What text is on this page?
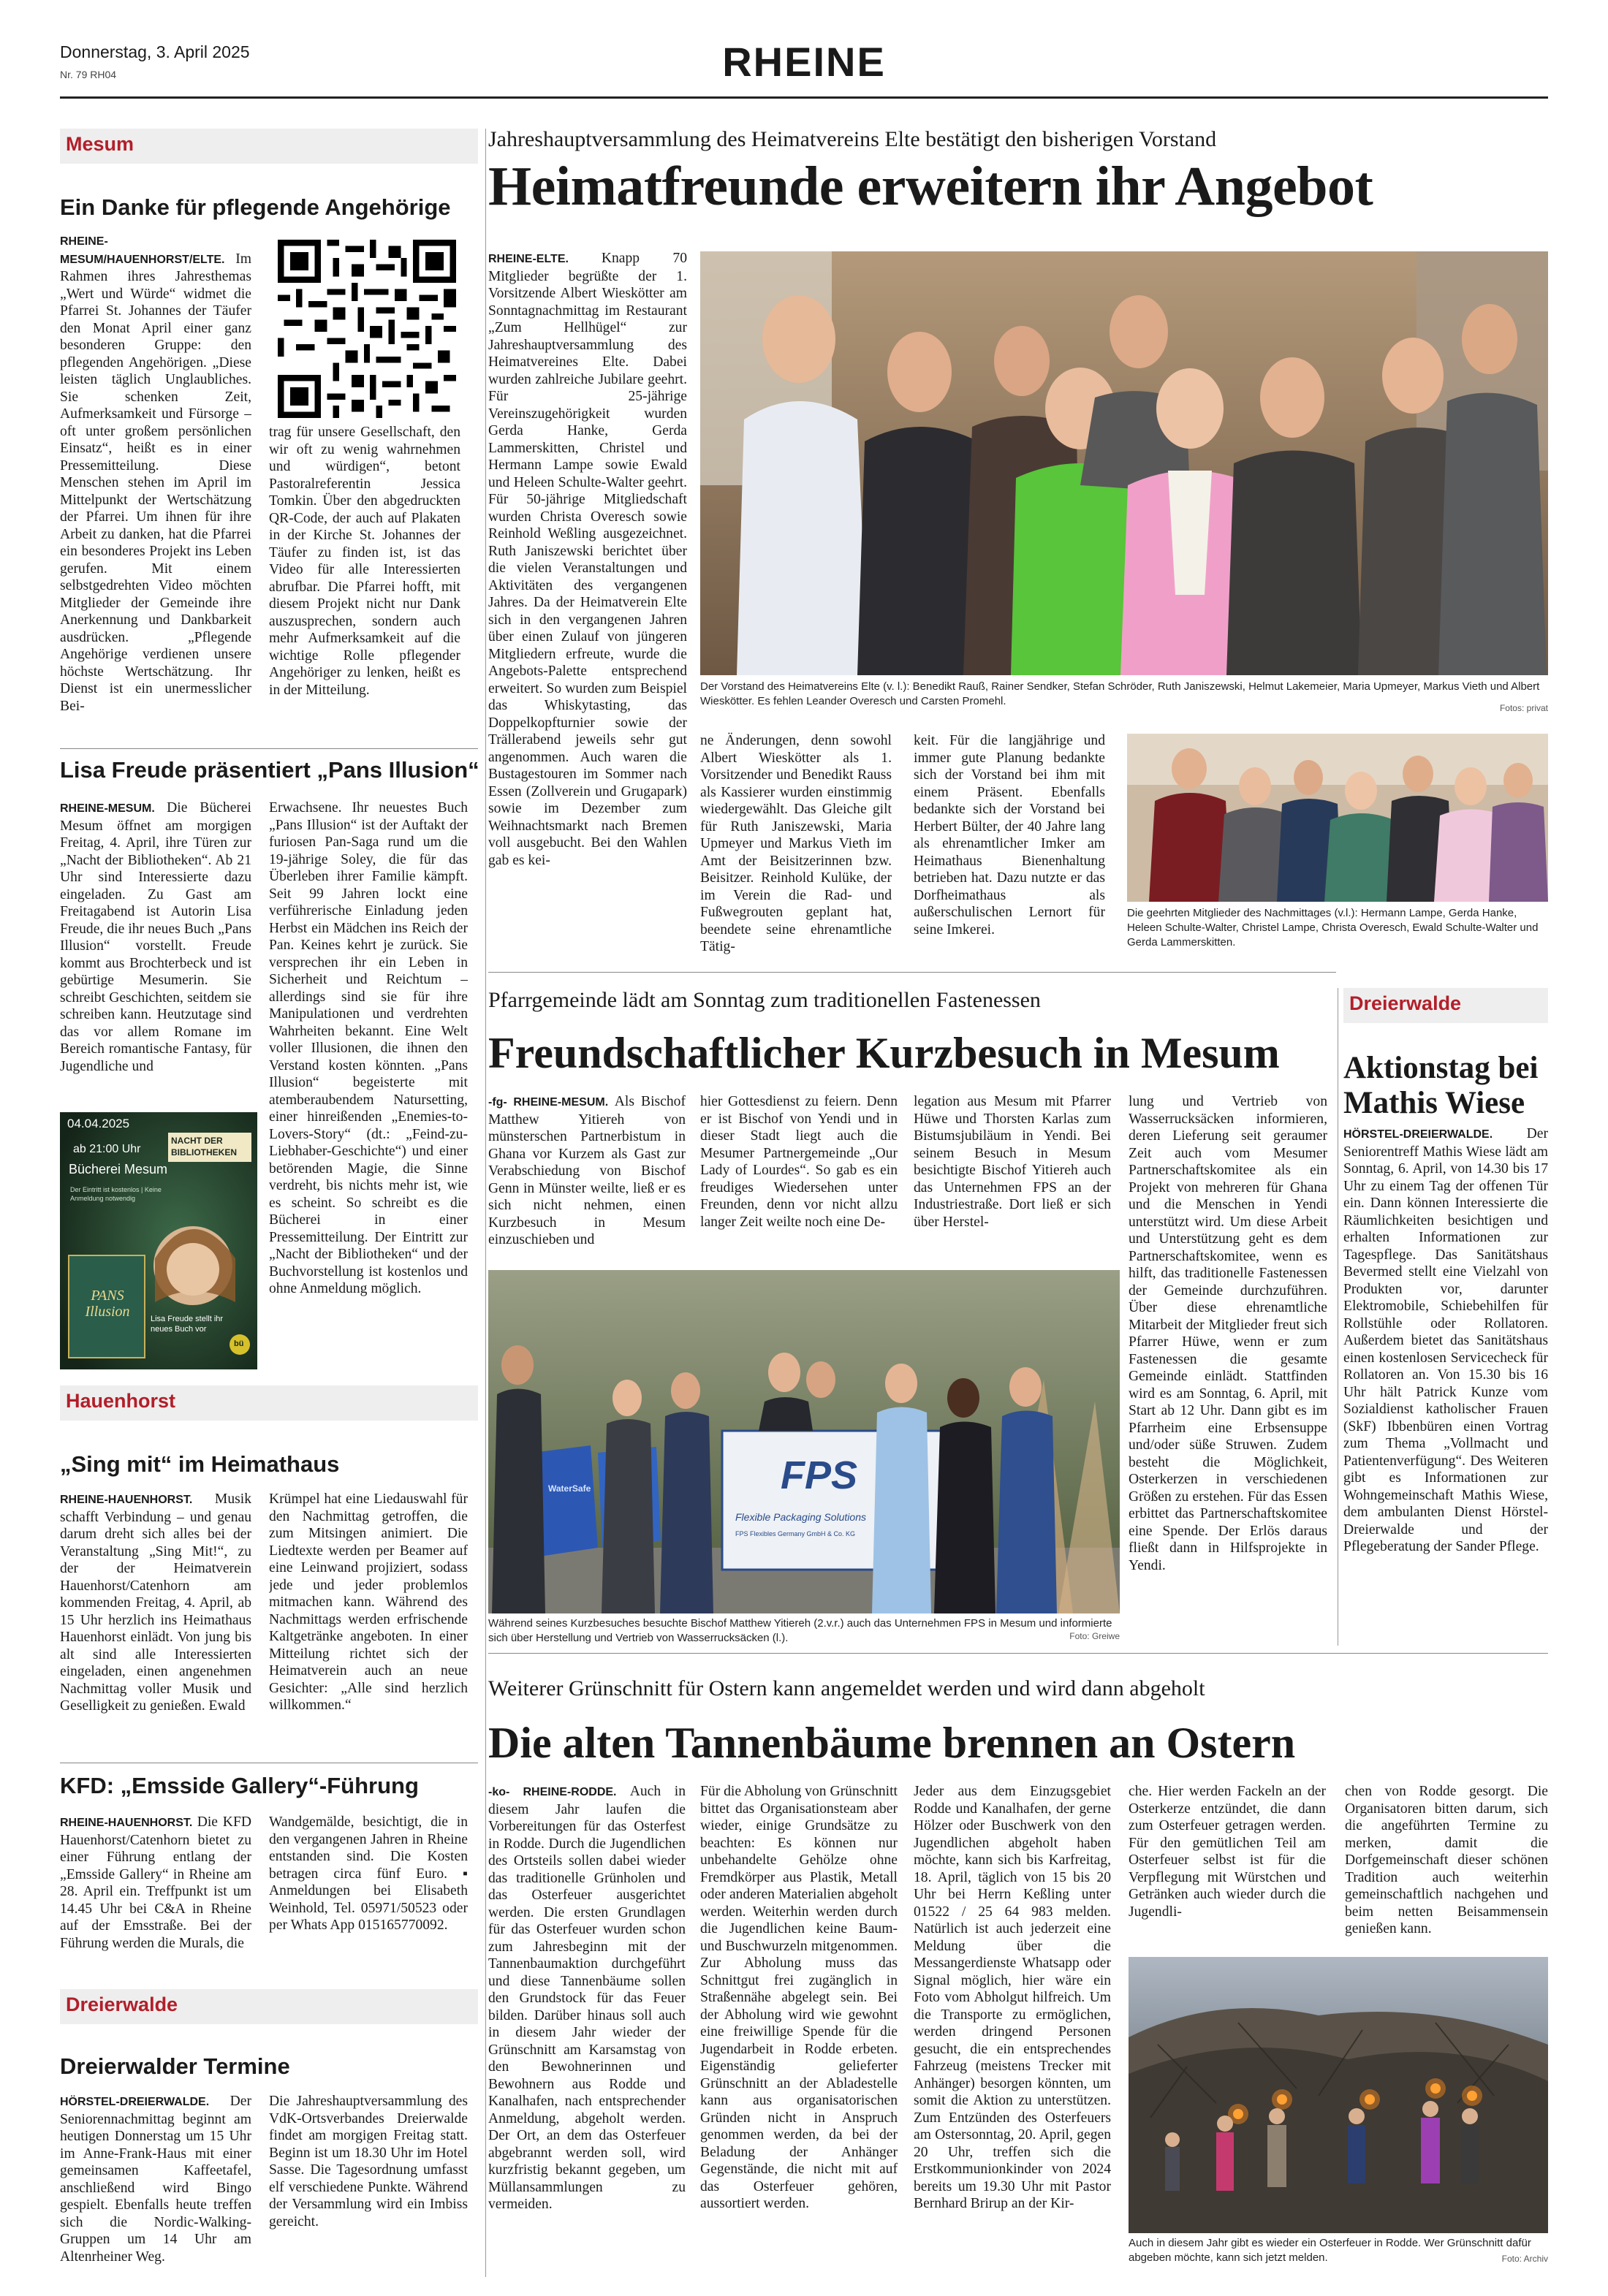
Donnerstag, 3. April 2025
Nr. 79 RH04	RHEINE
Mesum
Ein Danke für pflegende Angehörige
RHEINE-MESUM/HAUENHORST/ELTE. Im Rahmen ihres Jahresthemas „Wert und Würde“ widmet die Pfarrei St. Johannes der Täufer den Monat April einer ganz besonderen Gruppe: den pflegenden Angehörigen. „Diese leisten täglich Unglaubliches. Sie schenken Zeit, Aufmerksamkeit und Fürsorge – oft unter großem persönlichen Einsatz“, heißt es in einer Pressemitteilung. Diese Menschen stehen im April im Mittelpunkt der Wertschätzung der Pfarrei. Um ihnen für ihre Arbeit zu danken, hat die Pfarrei ein besonderes Projekt ins Leben gerufen. Mit einem selbstgedrehten Video möchten Mitglieder der Gemeinde ihre Anerkennung und Dankbarkeit ausdrücken. „Pflegende Angehörige verdienen unsere höchste Wertschätzung. Ihr Dienst ist ein unermesslicher Bei-
trag für unsere Gesellschaft, den wir oft zu wenig wahrnehmen und würdigen“, betont Pastoralreferentin Jessica Tomkin. Über den abgedruckten QR-Code, der auch auf Plakaten in der Kirche St. Johannes der Täufer zu finden ist, ist das Video für alle Interessierten abrufbar. Die Pfarrei hofft, mit diesem Projekt nicht nur Dank auszusprechen, sondern auch mehr Aufmerksamkeit auf die wichtige Rolle pflegender Angehöriger zu lenken, heißt es in der Mitteilung.
Lisa Freude präsentiert „Pans Illusion“
RHEINE-MESUM. Die Bücherei Mesum öffnet am morgigen Freitag, 4. April, ihre Türen zur „Nacht der Bibliotheken“. Ab 21 Uhr sind Interessierte dazu eingeladen. Zu Gast am Freitagabend ist Autorin Lisa Freude, die ihr neues Buch „Pans Illusion“ vorstellt. Freude kommt aus Brochterbeck und ist gebürtige Mesumerin. Sie schreibt Geschichten, seitdem sie schreiben kann. Heutzutage sind das vor allem Romane im Bereich romantische Fantasy, für Jugendliche und
04.04.2025
ab 21:00 Uhr
Bücherei Mesum
NACHT DER
BIBLIOTHEKEN
Der Eintritt ist kostenlos | Keine Anmeldung notwendig
PANS Illusion	Lisa Freude stellt ihr neues Buch vor
bü
Erwachsene. Ihr neuestes Buch „Pans Illusion“ ist der Auftakt der furiosen Pan-Saga rund um die 19-jährige Soley, die für das Überleben ihrer Familie kämpft. Seit 99 Jahren lockt eine verführerische Einladung jeden Herbst ein Mädchen ins Reich der Pan. Keines kehrt je zurück. Sie versprechen ihr ein Leben in Sicherheit und Reichtum – allerdings sind sie für ihre Manipulationen und verdrehten Wahrheiten bekannt. Eine Welt voller Illusionen, die ihnen den Verstand kosten könnten. „Pans Illusion“ begeisterte mit atemberaubendem Natursetting, einer hinreißenden „Enemies-to-Lovers-Story“ (dt.: „Feind-zu-Liebhaber-Geschichte“) und einer betörenden Magie, die Sinne verdreht, bis nichts mehr ist, wie es scheint. So schreibt es die Bücherei in einer Pressemitteilung. Der Eintritt zur „Nacht der Bibliotheken“ und der Buchvorstellung ist kostenlos und ohne Anmeldung möglich.
Hauenhorst
„Sing mit“ im Heimathaus
RHEINE-HAUENHORST. Musik schafft Verbindung – und genau darum dreht sich alles bei der Veranstaltung „Sing Mit!“, zu der der Heimatverein Hauenhorst/Catenhorn am kommenden Freitag, 4. April, ab 15 Uhr herzlich ins Heimathaus Hauenhorst einlädt. Von jung bis alt sind alle Interessierten eingeladen, einen angenehmen Nachmittag voller Musik und Geselligkeit zu genießen. Ewald
Krümpel hat eine Liedauswahl für den Nachmittag getroffen, die zum Mitsingen animiert. Die Liedtexte werden per Beamer auf eine Leinwand projiziert, sodass jede und jeder problemlos mitmachen kann. Während des Nachmittags werden erfrischende Kaltgetränke angeboten. In einer Mitteilung richtet sich der Heimatverein auch an neue Gesichter: „Alle sind herzlich willkommen.“
KFD: „Emsside Gallery“-Führung
RHEINE-HAUENHORST. Die KFD Hauenhorst/Catenhorn bietet zu einer Führung entlang der „Emsside Gallery“ in Rheine am 28. April ein. Treffpunkt ist um 14.45 Uhr bei C&A in Rheine auf der Emsstraße. Bei der Führung werden die Murals, die
Wandgemälde, besichtigt, die in den vergangenen Jahren in Rheine entstanden sind. Die Kosten betragen circa fünf Euro. ▪ Anmeldungen bei Elisabeth Weinhold, Tel. 05971/50523 oder per Whats App 015165770092.
Dreierwalde
Dreierwalder Termine
HÖRSTEL-DREIERWALDE. Der Seniorennachmittag beginnt am heutigen Donnerstag um 15 Uhr im Anne-Frank-Haus mit einer gemeinsamen Kaffeetafel, anschließend wird Bingo gespielt. Ebenfalls heute treffen sich die Nordic-Walking-Gruppen um 14 Uhr am Altenrheiner Weg.
Die Jahreshauptversammlung des VdK-Ortsverbandes Dreierwalde findet am morgigen Freitag statt. Beginn ist um 18.30 Uhr im Hotel Sasse. Die Tagesordnung umfasst elf verschiedene Punkte. Während der Versammlung wird ein Imbiss gereicht.
Jahreshauptversammlung des Heimatvereins Elte bestätigt den bisherigen Vorstand
Heimatfreunde erweitern ihr Angebot
RHEINE-ELTE. Knapp 70 Mitglieder begrüßte der 1. Vorsitzende Albert Wieskötter am Sonntagnachmittag im Restaurant „Zum Hellhügel“ zur Jahreshauptversammlung des Heimatvereines Elte. Dabei wurden zahlreiche Jubilare geehrt. Für 25-jährige Vereinszugehörigkeit wurden Gerda Hanke, Gerda Lammerskitten, Christel und Hermann Lampe sowie Ewald und Heleen Schulte-Walter geehrt. Für 50-jährige Mitgliedschaft wurden Christa Overesch sowie Reinhold Weßling ausgezeichnet. Ruth Janiszewski berichtet über die vielen Veranstaltungen und Aktivitäten des vergangenen Jahres. Da der Heimatverein Elte sich in den vergangenen Jahren über einen Zulauf von jüngeren Mitgliedern erfreute, wurde die Angebots-Palette entsprechend erweitert. So wurden zum Beispiel das Whiskytasting, das Doppelkopfturnier sowie der Trällerabend jeweils sehr gut angenommen. Auch waren die Bustagestouren im Sommer nach Essen (Zollverein und Grugapark) sowie im Dezember zum Weihnachtsmarkt nach Bremen voll ausgebucht. Bei den Wahlen gab es kei-
Der Vorstand des Heimatvereins Elte (v. l.): Benedikt Rauß, Rainer Sendker, Stefan Schröder, Ruth Janiszewski, Helmut Lakemeier, Maria Upmeyer, Markus Vieth und Albert Wieskötter. Es fehlen Leander Overesch und Carsten Promehl.
Fotos: privat
ne Änderungen, denn sowohl Albert Wieskötter als 1. Vorsitzender und Benedikt Rauss als Kassierer wurden einstimmig wiedergewählt. Das Gleiche gilt für Ruth Janiszewski, Maria Upmeyer und Markus Vieth im Amt der Beisitzerinnen bzw. Beisitzer. Reinhold Kulüke, der im Verein die Rad- und Fußwegrouten geplant hat, beendete seine ehrenamtliche Tätig-
keit. Für die langjährige und immer gute Planung bedankte sich der Vorstand bei ihm mit einem Präsent. Ebenfalls bedankte sich der Vorstand bei Herbert Bülter, der 40 Jahre lang als ehrenamtlicher Imker am Heimathaus Bienenhaltung betrieben hat. Dazu nutzte er das Dorfheimathaus als außerschulischen Lernort für seine Imkerei.
Die geehrten Mitglieder des Nachmittages (v.l.): Hermann Lampe, Gerda Hanke, Heleen Schulte-Walter, Christel Lampe, Christa Overesch, Ewald Schulte-Walter und Gerda Lammerskitten.
Pfarrgemeinde lädt am Sonntag zum traditionellen Fastenessen
Freundschaftlicher Kurzbesuch in Mesum
-fg- RHEINE-MESUM. Als Bischof Matthew Yitiereh von münsterschen Partnerbistum in Ghana vor Kurzem als Gast zur Verabschiedung von Bischof Genn in Münster weilte, ließ er es sich nicht nehmen, einen Kurzbesuch in Mesum einzuschieben und
hier Gottesdienst zu feiern. Denn er ist Bischof von Yendi und in dieser Stadt liegt auch die Mesumer Partnergemeinde „Our Lady of Lourdes“. So gab es ein freudiges Wiedersehen unter Freunden, denn vor nicht allzu langer Zeit weilte noch eine De-
legation aus Mesum mit Pfarrer Hüwe und Thorsten Karlas zum Bistumsjubiläum in Yendi. Bei seinem Besuch in Mesum besichtigte Bischof Yitiereh auch das Unternehmen FPS an der Industriestraße. Dort ließ er sich über Herstel-
FPS
Flexible Packaging Solutions
FPS Flexibles Germany GmbH & Co. KG
WaterSafe
Während seines Kurzbesuches besuchte Bischof Matthew Yitiereh (2.v.r.) auch das Unternehmen FPS in Mesum und informierte sich über Herstellung und Vertrieb von Wasserrucksäcken (l.).	Foto: Greiwe
lung und Vertrieb von Wasserrucksäcken informieren, deren Lieferung seit geraumer Zeit auch vom Mesumer Partnerschaftskomitee als ein Projekt von mehreren für Ghana und die Menschen in Yendi unterstützt wird. Um diese Arbeit und Unterstützung geht es dem Partnerschaftskomitee, wenn es hilft, das traditionelle Fastenessen der Gemeinde durchzuführen. Über diese ehrenamtliche Mitarbeit der Mitglieder freut sich Pfarrer Hüwe, wenn er zum Fastenessen die gesamte Gemeinde einlädt. Stattfinden wird es am Sonntag, 6. April, mit Start ab 12 Uhr. Dann gibt es im Pfarrheim eine Erbsensuppe und/oder süße Struwen. Zudem besteht die Möglichkeit, Osterkerzen in verschiedenen Größen zu erstehen. Für das Essen erbittet das Partnerschaftskomitee eine Spende. Der Erlös daraus fließt dann in Hilfsprojekte in Yendi.
Dreierwalde
Aktionstag bei Mathis Wiese
HÖRSTEL-DREIERWALDE. Der Seniorentreff Mathis Wiese lädt am Sonntag, 6. April, von 14.30 bis 17 Uhr zu einem Tag der offenen Tür ein. Dann können Interessierte die Räumlichkeiten besichtigen und erhalten Informationen zur Tagespflege. Das Sanitätshaus Bevermed stellt eine Vielzahl von Produkten vor, darunter Elektromobile, Schiebehilfen für Rollstühle oder Rollatoren. Außerdem bietet das Sanitätshaus einen kostenlosen Servicecheck für Rollatoren an. Von 15.30 bis 16 Uhr hält Patrick Kunze vom Sozialdienst katholischer Frauen (SkF) Ibbenbüren einen Vortrag zum Thema „Vollmacht und Patientenverfügung“. Des Weiteren gibt es Informationen zur Wohngemeinschaft Mathis Wiese, dem ambulanten Dienst Hörstel-Dreierwalde und der Pflegeberatung der Sander Pflege.
Weiterer Grünschnitt für Ostern kann angemeldet werden und wird dann abgeholt
Die alten Tannenbäume brennen an Ostern
-ko- RHEINE-RODDE. Auch in diesem Jahr laufen die Vorbereitungen für das Osterfest in Rodde. Durch die Jugendlichen des Ortsteils sollen dabei wieder das traditionelle Grünholen und das Osterfeuer ausgerichtet werden. Die ersten Grundlagen für das Osterfeuer wurden schon zum Jahresbeginn mit der Tannenbaumaktion durchgeführt und diese Tannenbäume sollen den Grundstock für das Feuer bilden. Darüber hinaus soll auch in diesem Jahr wieder der Grünschnitt am Karsamstag von den Bewohnerinnen und Bewohnern aus Rodde und Kanalhafen, nach entsprechender Anmeldung, abgeholt werden. Der Ort, an dem das Osterfeuer abgebrannt werden soll, wird kurzfristig bekannt gegeben, um Müllansammlungen zu vermeiden.
Für die Abholung von Grünschnitt bittet das Organisationsteam aber wieder, einige Grundsätze zu beachten: Es können nur unbehandelte Gehölze ohne Fremdkörper aus Plastik, Metall oder anderen Materialien abgeholt werden. Weiterhin werden durch die Jugendlichen keine Baum- und Buschwurzeln mitgenommen. Zur Abholung muss das Schnittgut frei zugänglich in Straßennähe abgelegt sein. Bei der Abholung wird wie gewohnt eine freiwillige Spende für die Jugendarbeit in Rodde erbeten. Eigenständig gelieferter Grünschnitt an der Abladestelle kann aus organisatorischen Gründen nicht in Anspruch genommen werden, da bei der Beladung der Anhänger Gegenstände, die nicht mit auf das Osterfeuer gehören, aussortiert werden.
Jeder aus dem Einzugsgebiet Rodde und Kanalhafen, der gerne Hölzer oder Buschwerk von den Jugendlichen abgeholt haben möchte, kann sich bis Karfreitag, 18. April, täglich von 15 bis 20 Uhr bei Herrn Keßling unter 01522 / 25 64 983 melden. Natürlich ist auch jederzeit eine Meldung über die Messangerdienste Whatsapp oder Signal möglich, hier wäre ein Foto vom Abholgut hilfreich. Um die Transporte zu ermöglichen, werden dringend Personen gesucht, die ein entsprechendes Fahrzeug (meistens Trecker mit Anhänger) besorgen könnten, um somit die Aktion zu unterstützen. Zum Entzünden des Osterfeuers am Ostersonntag, 20. April, gegen 20 Uhr, treffen sich die Erstkommunionkinder von 2024 bereits um 19.30 Uhr mit Pastor Bernhard Brirup an der Kir-
che. Hier werden Fackeln an der Osterkerze entzündet, die dann zum Osterfeuer getragen werden. Für den gemütlichen Teil am Osterfeuer selbst ist für die Verpflegung mit Würstchen und Getränken auch wieder durch die Jugendli-
chen von Rodde gesorgt. Die Organisatoren bitten darum, sich die angeführten Termine zu merken, damit die Dorfgemeinschaft dieser schönen Tradition auch weiterhin gemeinschaftlich nachgehen und beim netten Beisammensein genießen kann.
Auch in diesem Jahr gibt es wieder ein Osterfeuer in Rodde. Wer Grünschnitt dafür abgeben möchte, kann sich jetzt melden.	Foto: Archiv
